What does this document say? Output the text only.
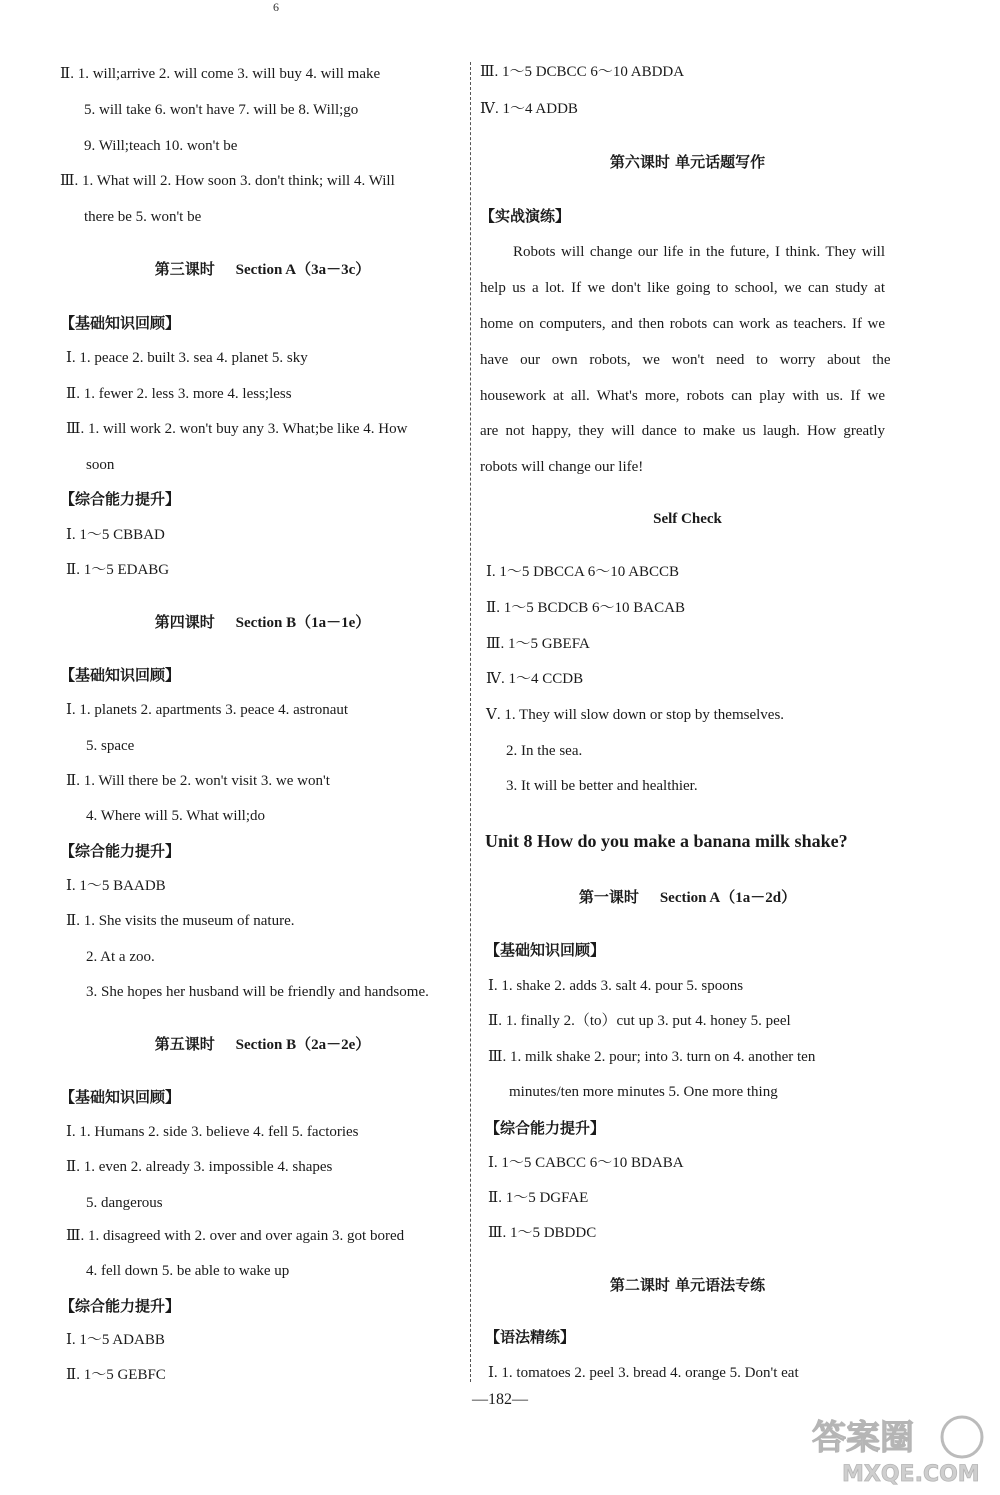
6
Ⅱ. 1. will;arrive 2. will come 3. will buy 4. will make
5. will take 6. won't have 7. will be 8. Will;go
9. Will;teach 10. won't be
Ⅲ. 1. What will 2. How soon 3. don't think; will 4. Will
there be 5. won't be
第三课时 Section A（3a－3c）
【基础知识回顾】
Ⅰ. 1. peace 2. built 3. sea 4. planet 5. sky
Ⅱ. 1. fewer 2. less 3. more 4. less;less
Ⅲ. 1. will work 2. won't buy any 3. What;be like 4. How
soon
【综合能力提升】
Ⅰ. 1～5 CBBAD
Ⅱ. 1～5 EDABG
第四课时 Section B（1a－1e）
【基础知识回顾】
Ⅰ. 1. planets 2. apartments 3. peace 4. astronaut
5. space
Ⅱ. 1. Will there be 2. won't visit 3. we won't
4. Where will 5. What will;do
【综合能力提升】
Ⅰ. 1～5 BAADB
Ⅱ. 1. She visits the museum of nature.
2. At a zoo.
3. She hopes her husband will be friendly and handsome.
第五课时 Section B（2a－2e）
【基础知识回顾】
Ⅰ. 1. Humans 2. side 3. believe 4. fell 5. factories
Ⅱ. 1. even 2. already 3. impossible 4. shapes
5. dangerous
Ⅲ. 1. disagreed with 2. over and over again 3. got bored
4. fell down 5. be able to wake up
【综合能力提升】
Ⅰ. 1～5 ADABB
Ⅱ. 1～5 GEBFC
Ⅲ. 1～5 DCBCC 6～10 ABDDA
Ⅳ. 1～4 ADDB
第六课时 单元话题写作
【实战演练】
Robots will change our life in the future, I think. They will
help us a lot. If we don't like going to school, we can study at
home on computers, and then robots can work as teachers. If we
have our own robots, we won't need to worry about the
housework at all. What's more, robots can play with us. If we
are not happy, they will dance to make us laugh. How greatly
robots will change our life!
Self Check
Ⅰ. 1～5 DBCCA 6～10 ABCCB
Ⅱ. 1～5 BCDCB 6～10 BACAB
Ⅲ. 1～5 GBEFA
Ⅳ. 1～4 CCDB
Ⅴ. 1. They will slow down or stop by themselves.
2. In the sea.
3. It will be better and healthier.
Unit 8 How do you make a banana milk shake?
第一课时 Section A（1a－2d）
【基础知识回顾】
Ⅰ. 1. shake 2. adds 3. salt 4. pour 5. spoons
Ⅱ. 1. finally 2.（to）cut up 3. put 4. honey 5. peel
Ⅲ. 1. milk shake 2. pour; into 3. turn on 4. another ten
minutes/ten more minutes 5. One more thing
【综合能力提升】
Ⅰ. 1～5 CABCC 6～10 BDABA
Ⅱ. 1～5 DGFAE
Ⅲ. 1～5 DBDDC
第二课时 单元语法专练
【语法精练】
Ⅰ. 1. tomatoes 2. peel 3. bread 4. orange 5. Don't eat
—182—
答案圈
MXQE.COM
